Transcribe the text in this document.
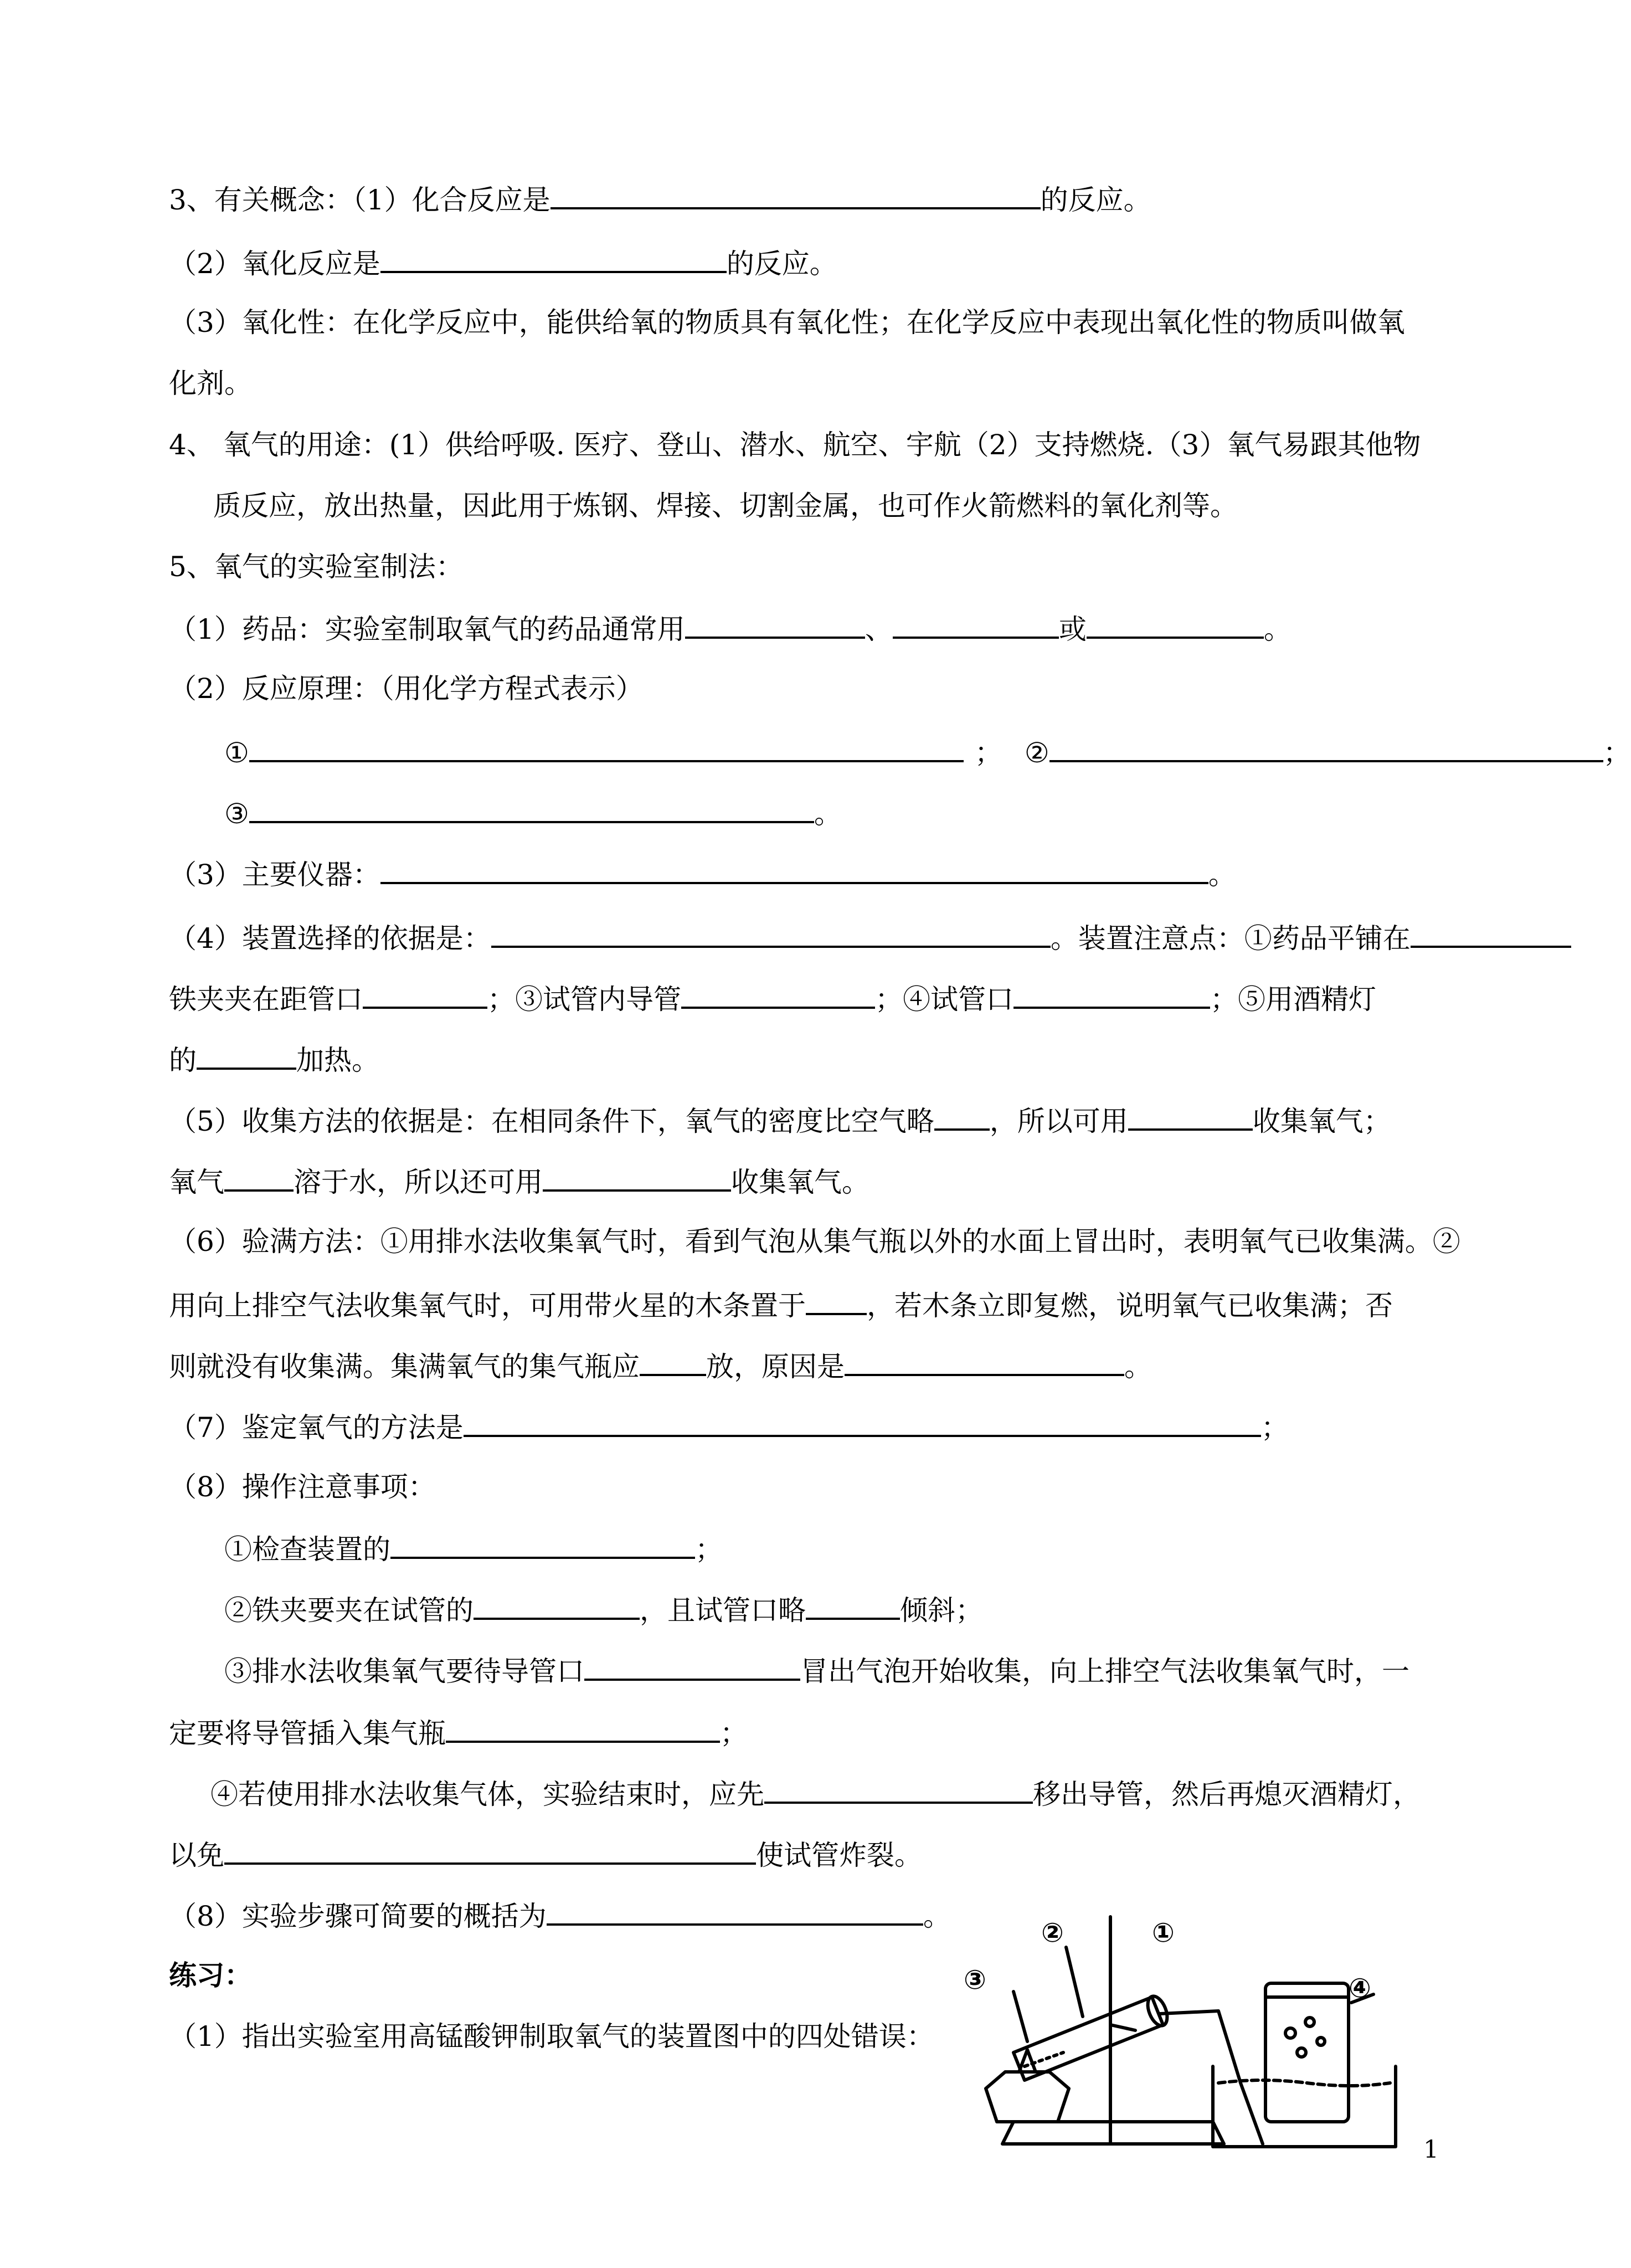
3、有关概念：（1）化合反应是	的反应。
（2）氧化反应是	的反应。
（3）氧化性：在化学反应中，能供给氧的物质具有氧化性；在化学反应中表现出氧化性的物质叫做氧
化剂。
4、 氧气的用途：(1）供给呼吸. 医疗、登山、潜水、航空、宇航（2）支持燃烧.（3）氧气易跟其他物
质反应，放出热量，因此用于炼钢、焊接、切割金属，也可作火箭燃料的氧化剂等。
5、氧气的实验室制法：
（1）药品：实验室制取氧气的药品通常用	、	或	。
（2）反应原理：（用化学方程式表示）
①	； ②	；
③	。
（3）主要仪器：	。
（4）装置选择的依据是：	。装置注意点：①药品平铺在
铁夹夹在距管口	；③试管内导管	；④试管口	；⑤用酒精灯
的	加热。
（5）收集方法的依据是：在相同条件下，氧气的密度比空气略 ，所以可用	收集氧气；
氧气	溶于水，所以还可用	收集氧气。
（6）验满方法：①用排水法收集氧气时，看到气泡从集气瓶以外的水面上冒出时，表明氧气已收集满。②
用向上排空气法收集氧气时，可用带火星的木条置于 ，若木条立即复燃，说明氧气已收集满；否
则就没有收集满。集满氧气的集气瓶应 放，原因是	。
（7）鉴定氧气的方法是	；
（8）操作注意事项：
①检查装置的	；
②铁夹要夹在试管的	，且试管口略	倾斜；
③排水法收集氧气要待导管口	冒出气泡开始收集，向上排空气法收集氧气时，一
定要将导管插入集气瓶	；
④若使用排水法收集气体，实验结束时，应先	移出导管，然后再熄灭酒精灯，
以免	使试管炸裂。
（8）实验步骤可简要的概括为	。
练习：
（1）指出实验室用高锰酸钾制取氧气的装置图中的四处错误：
②	①
③	④
1
